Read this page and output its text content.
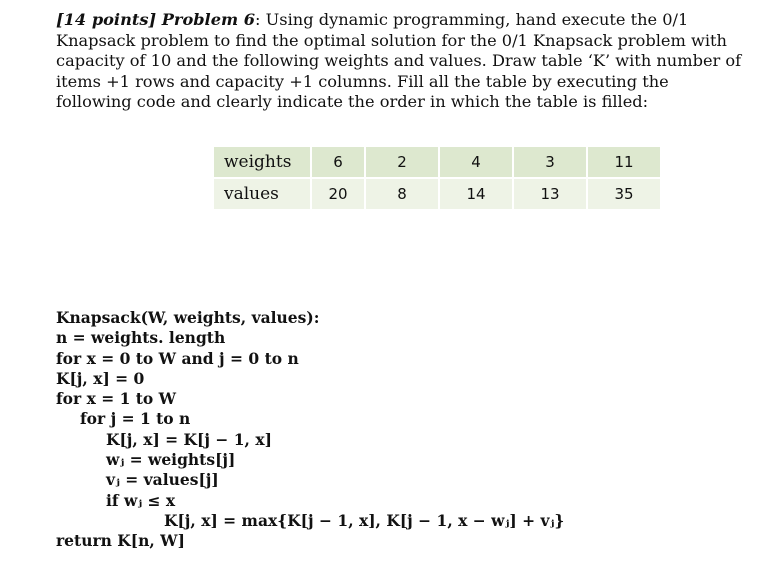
[14 points] Problem 6: Using dynamic programming, hand execute the 0/1 Knapsack problem to find the optimal solution for the 0/1 Knapsack problem with capacity of 10 and the following weights and values. Draw table ‘K’ with number of items +1 rows and capacity +1 columns. Fill all the table by executing the following code and clearly indicate the order in which the table is filled:

weights	6	2	4	3	11
values	20	8	14	13	35
Knapsack(W, weights, values):
n = weights. length
for x = 0 to W and j = 0 to n
K[j, x] = 0
for x = 1 to W
for j = 1 to n
K[j, x] = K[j − 1, x]
wⱼ = weights[j]
vⱼ = values[j]
if wⱼ ≤ x
K[j, x] = max{K[j − 1, x], K[j − 1, x − wⱼ] + vⱼ}
return K[n, W]
